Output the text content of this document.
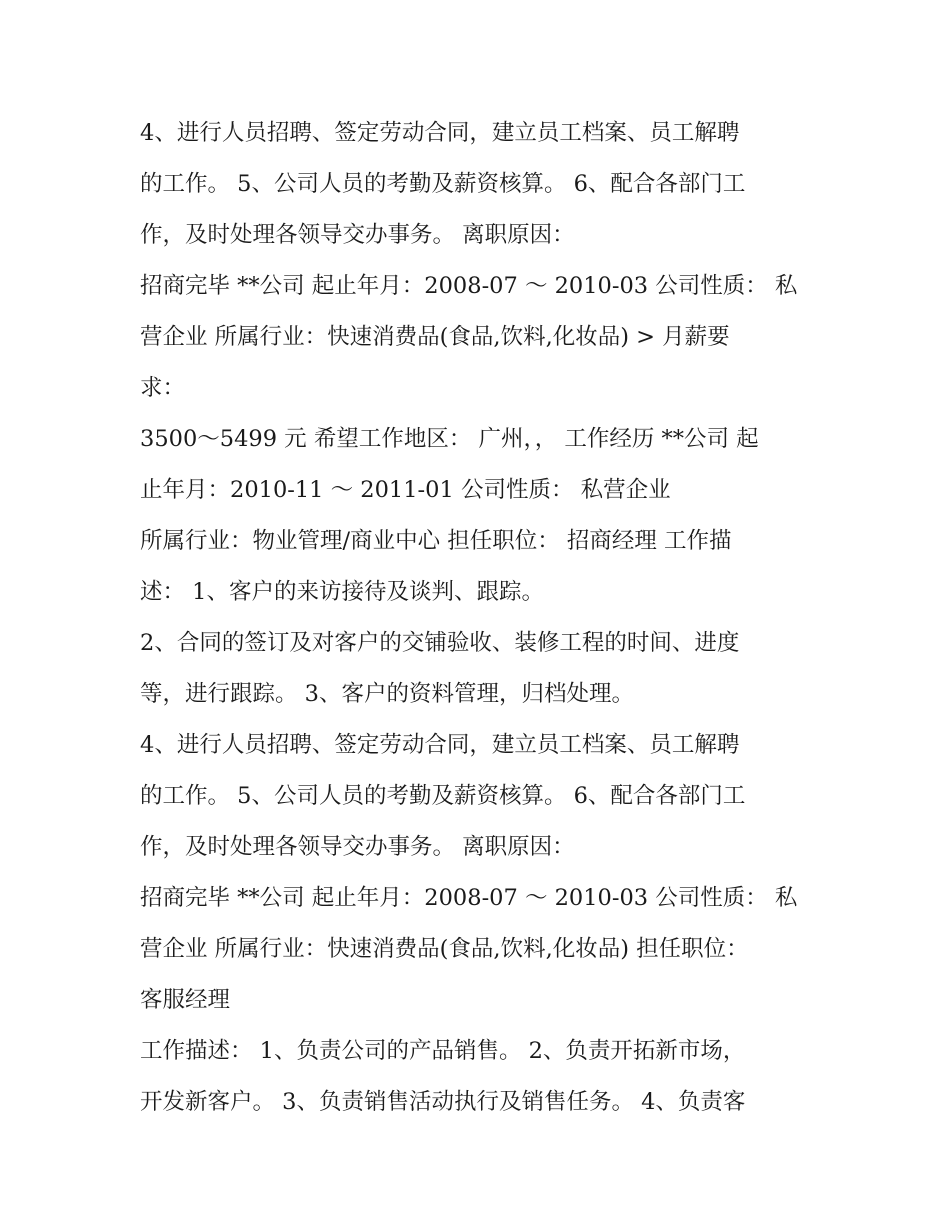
4、进行人员招聘、签定劳动合同，建立员工档案、员工解聘
的工作。 5、公司人员的考勤及薪资核算。 6、配合各部门工
作，及时处理各领导交办事务。 离职原因：
招商完毕 **公司 起止年月：2008-07 ～ 2010-03 公司性质： 私
营企业 所属行业：快速消费品(食品,饮料,化妆品) > 月薪要
求：
3500～5499 元 希望工作地区： 广州，， 工作经历 **公司 起
止年月：2010-11 ～ 2011-01 公司性质： 私营企业
所属行业：物业管理/商业中心 担任职位： 招商经理 工作描
述： 1、客户的来访接待及谈判、跟踪。
2、合同的签订及对客户的交铺验收、装修工程的时间、进度
等，进行跟踪。 3、客户的资料管理，归档处理。
4、进行人员招聘、签定劳动合同，建立员工档案、员工解聘
的工作。 5、公司人员的考勤及薪资核算。 6、配合各部门工
作，及时处理各领导交办事务。 离职原因：
招商完毕 **公司 起止年月：2008-07 ～ 2010-03 公司性质： 私
营企业 所属行业：快速消费品(食品,饮料,化妆品) 担任职位：
客服经理
工作描述： 1、负责公司的产品销售。 2、负责开拓新市场，
开发新客户。 3、负责销售活动执行及销售任务。 4、负责客
